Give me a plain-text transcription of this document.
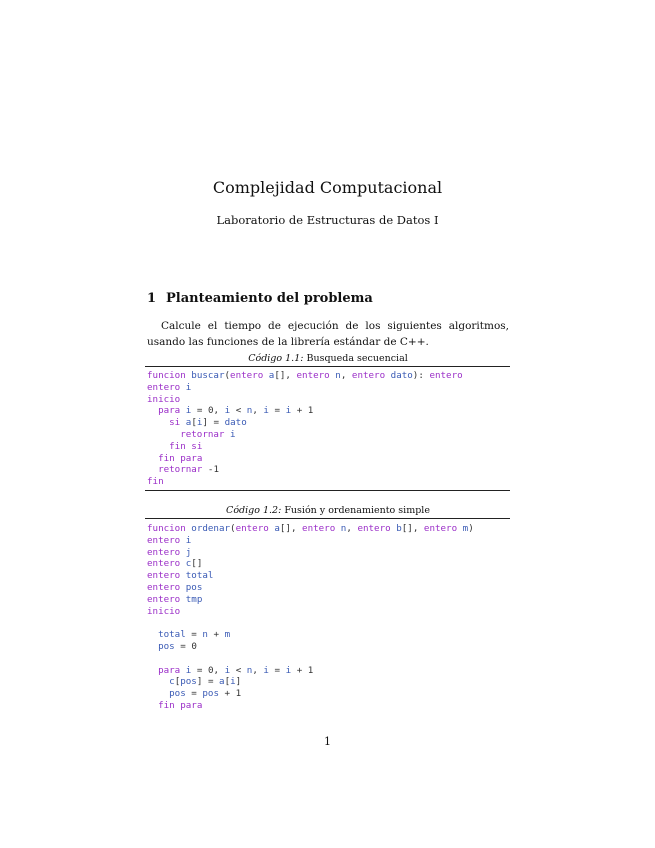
Complejidad Computacional
Laboratorio de Estructuras de Datos I
1 Planteamiento del problema
Calcule el tiempo de ejecución de los siguientes algoritmos, usando las funciones de la librería estándar de C++.
Código 1.1: Busqueda secuencial
funcion buscar(entero a[], entero n, entero dato): entero
entero i
inicio
para i = 0, i < n, i = i + 1
si a[i] = dato
retornar i
fin si
fin para
retornar -1
fin
Código 1.2: Fusión y ordenamiento simple
funcion ordenar(entero a[], entero n, entero b[], entero m)
entero i
entero j
entero c[]
entero total
entero pos
entero tmp
inicio

total = n + m
pos = 0

para i = 0, i < n, i = i + 1
c[pos] = a[i]
pos = pos + 1
fin para
1
